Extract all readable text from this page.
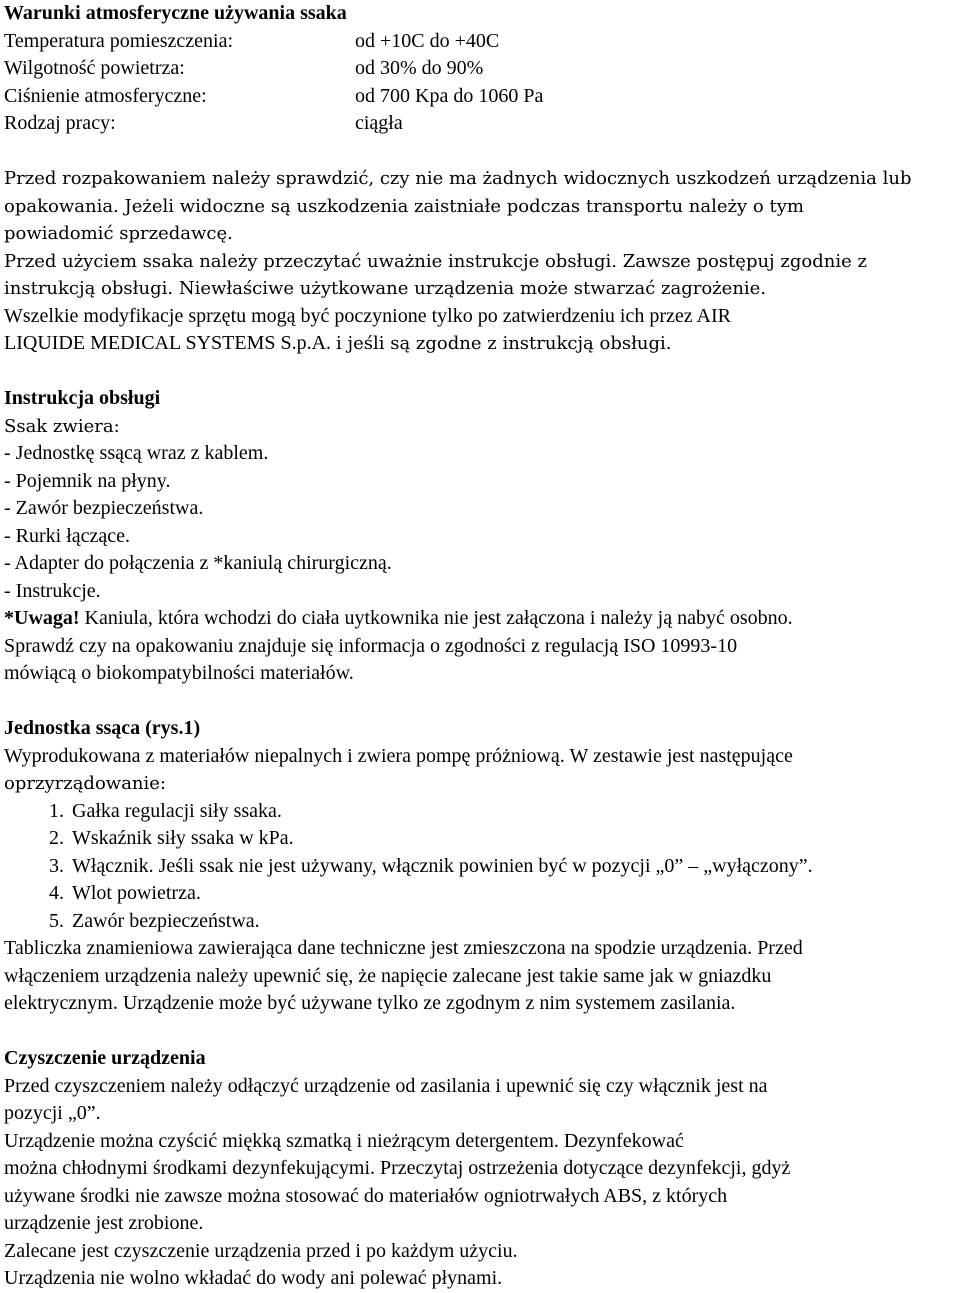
Warunki atmosferyczne używania ssaka

Temperatura pomieszczenia:	od +10C do +40C
Wilgotność powietrza:	od 30% do 90%
Ciśnienie atmosferyczne:	od 700 Kpa do 1060 Pa
Rodzaj pracy:	ciągła

Przed rozpakowaniem należy sprawdzić, czy nie ma żadnych widocznych uszkodzeń urządzenia lub

opakowania. Jeżeli widoczne są uszkodzenia zaistniałe podczas transportu należy o tym

powiadomić sprzedawcę.

Przed użyciem ssaka należy przeczytać uważnie instrukcje obsługi. Zawsze postępuj zgodnie z

instrukcją obsługi. Niewłaściwe użytkowane urządzenia może stwarzać zagrożenie.

Wszelkie modyfikacje sprzętu mogą być poczynione tylko po zatwierdzeniu ich przez AIR

LIQUIDE MEDICAL SYSTEMS S.p.A. i jeśli są zgodne z instrukcją obsługi.

Instrukcja obsługi

Ssak zwiera:

- Jednostkę ssącą wraz z kablem.

- Pojemnik na płyny.

- Zawór bezpieczeństwa.

- Rurki łączące.

- Adapter do połączenia z *kaniulą chirurgiczną.

- Instrukcje.

*Uwaga! Kaniula, która wchodzi do ciała uytkownika nie jest załączona i należy ją nabyć osobno.

Sprawdź czy na opakowaniu znajduje się informacja o zgodności z regulacją ISO 10993-10

mówiącą o biokompatybilności materiałów.

Jednostka ssąca (rys.1)

Wyprodukowana z materiałów niepalnych i zwiera pompę próżniową. W zestawie jest następujące

oprzyrządowanie:

1. Gałka regulacji siły ssaka.
2. Wskaźnik siły ssaka w kPa.
3. Włącznik. Jeśli ssak nie jest używany, włącznik powinien być w pozycji „0” – „wyłączony”.
4. Wlot powietrza.
5. Zawór bezpieczeństwa.

Tabliczka znamieniowa zawierająca dane techniczne jest zmieszczona na spodzie urządzenia. Przed

włączeniem urządzenia należy upewnić się, że napięcie zalecane jest takie same jak w gniazdku

elektrycznym. Urządzenie może być używane tylko ze zgodnym z nim systemem zasilania.

Czyszczenie urządzenia

Przed czyszczeniem należy odłączyć urządzenie od zasilania i upewnić się czy włącznik jest na

pozycji „0”.

Urządzenie można czyścić miękką szmatką i nieżrącym detergentem. Dezynfekować

można chłodnymi środkami dezynfekującymi. Przeczytaj ostrzeżenia dotyczące dezynfekcji, gdyż

używane środki nie zawsze można stosować do materiałów ogniotrwałych ABS, z których

urządzenie jest zrobione.

Zalecane jest czyszczenie urządzenia przed i po każdym użyciu.

Urządzenia nie wolno wkładać do wody ani polewać płynami.
